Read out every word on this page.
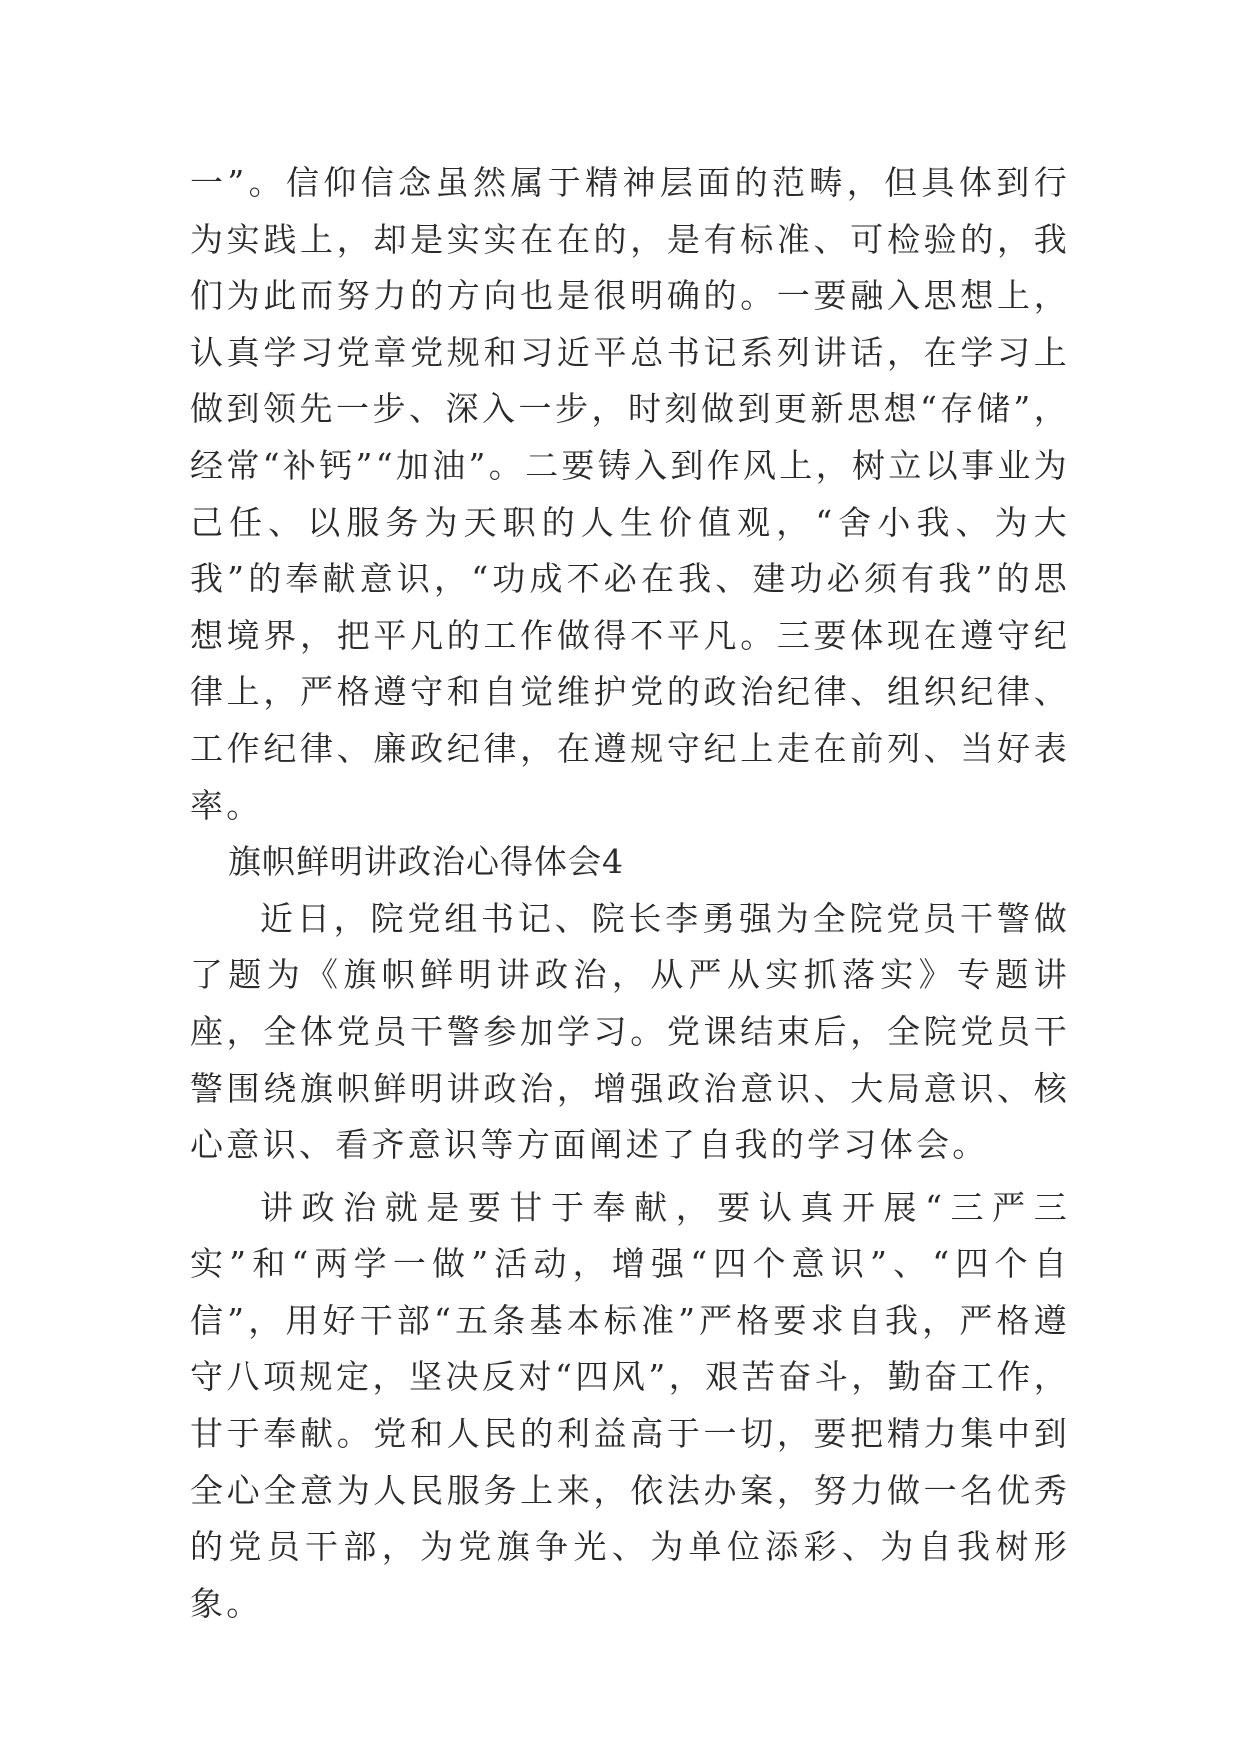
一”。信仰信念虽然属于精神层面的范畴，但具体到行为实践上，却是实实在在的，是有标准、可检验的，我们为此而努力的方向也是很明确的。一要融入思想上，认真学习党章党规和习近平总书记系列讲话，在学习上做到领先一步、深入一步，时刻做到更新思想“存储”，经常“补钙”“加油”。二要铸入到作风上，树立以事业为己任、以服务为天职的人生价值观，“舍小我、为大我”的奉献意识，“功成不必在我、建功必须有我”的思想境界，把平凡的工作做得不平凡。三要体现在遵守纪律上，严格遵守和自觉维护党的政治纪律、组织纪律、工作纪律、廉政纪律，在遵规守纪上走在前列、当好表率。

旗帜鲜明讲政治心得体会4

近日，院党组书记、院长李勇强为全院党员干警做了题为《旗帜鲜明讲政治，从严从实抓落实》专题讲座，全体党员干警参加学习。党课结束后，全院党员干警围绕旗帜鲜明讲政治，增强政治意识、大局意识、核心意识、看齐意识等方面阐述了自我的学习体会。

讲政治就是要甘于奉献，要认真开展“三严三实”和“两学一做”活动，增强“四个意识”、“四个自信”，用好干部“五条基本标准”严格要求自我，严格遵守八项规定，坚决反对“四风”，艰苦奋斗，勤奋工作，甘于奉献。党和人民的利益高于一切，要把精力集中到全心全意为人民服务上来，依法办案，努力做一名优秀的党员干部，为党旗争光、为单位添彩、为自我树形象。
